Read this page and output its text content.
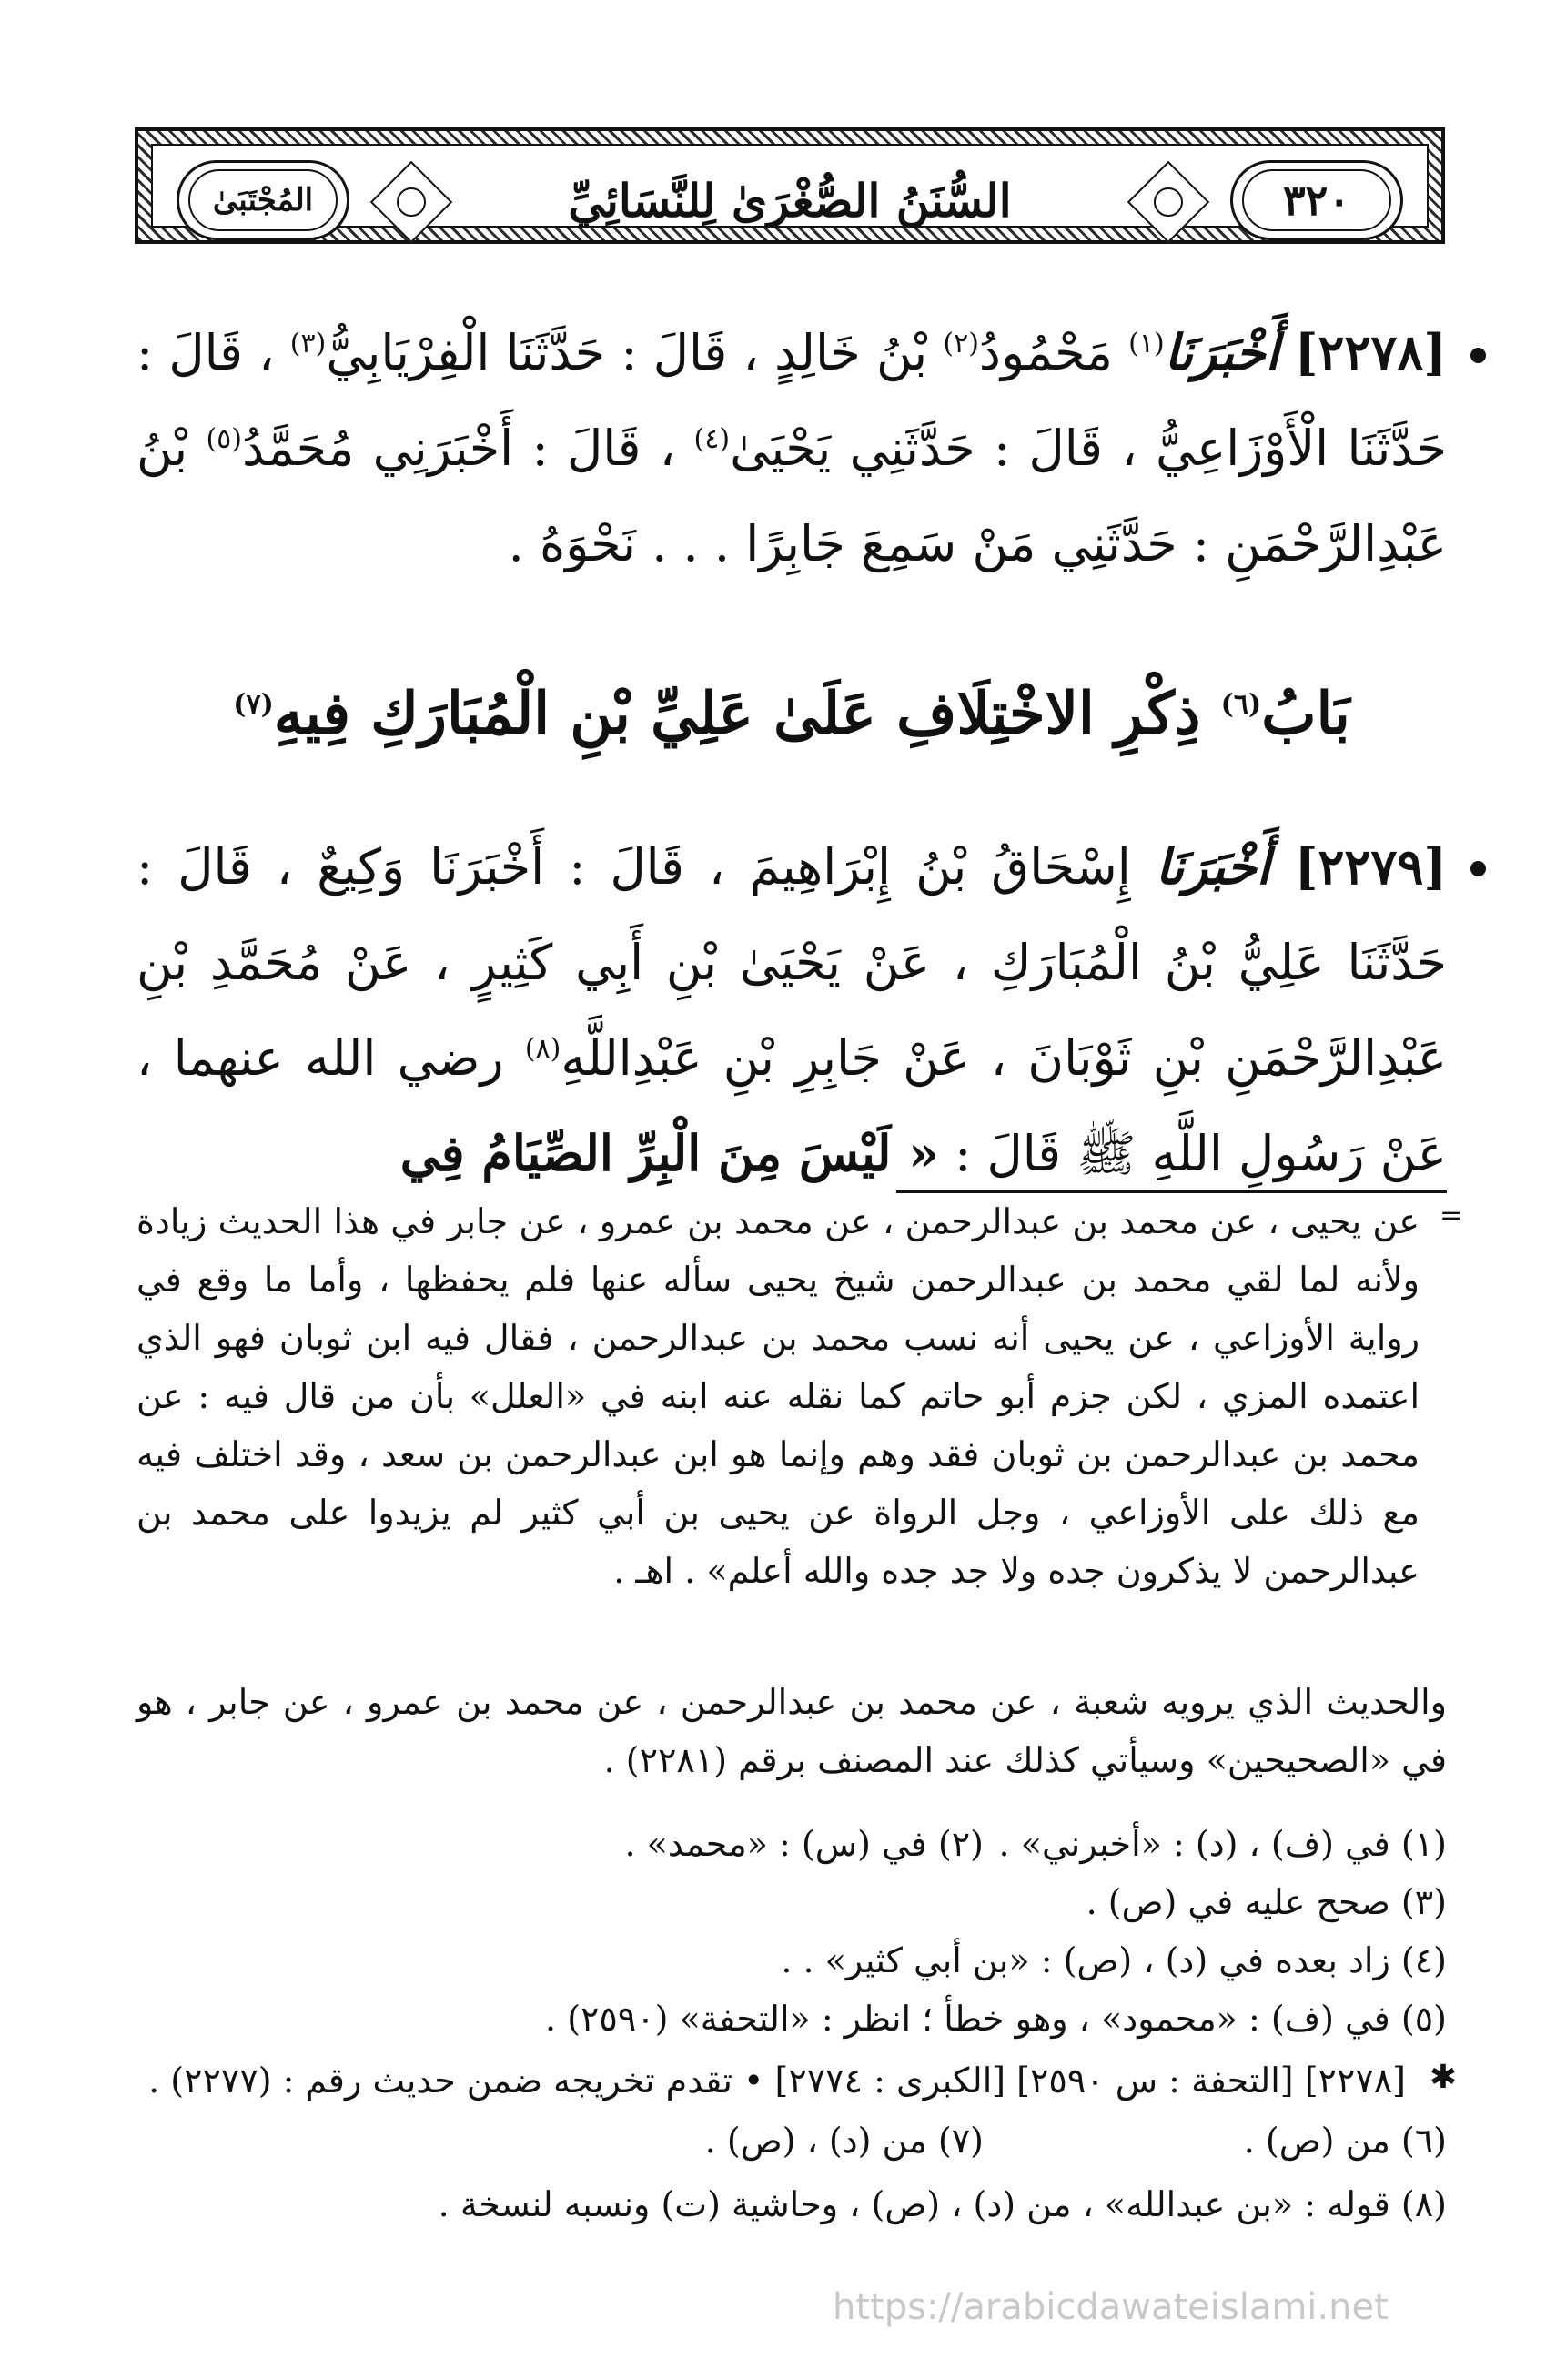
المُجْتَبَىٰ	السُّنَنُ الصُّغْرَىٰ لِلنَّسَائِيِّ	٣٢٠
[٢٢٧٨] أَخْبَرَنَا$^{(١)}$ مَحْمُودُ$^{(٢)}$ بْنُ خَالِدٍ ، قَالَ : حَدَّثَنَا الْفِرْيَابِيُّ$^{(٣)}$ ، قَالَ : حَدَّثَنَا الْأَوْزَاعِيُّ ، قَالَ : حَدَّثَنِي يَحْيَىٰ$^{(٤)}$ ، قَالَ : أَخْبَرَنِي مُحَمَّدُ$^{(٥)}$ بْنُ عَبْدِالرَّحْمَنِ : حَدَّثَنِي مَنْ سَمِعَ جَابِرًا . . . نَحْوَهُ .
بَابُ$^{(٦)}$ ذِكْرِ الاخْتِلَافِ عَلَىٰ عَلِيِّ بْنِ الْمُبَارَكِ فِيهِ$^{(٧)}$
[٢٢٧٩] أَخْبَرَنَا إِسْحَاقُ بْنُ إِبْرَاهِيمَ ، قَالَ : أَخْبَرَنَا وَكِيعٌ ، قَالَ : حَدَّثَنَا عَلِيُّ بْنُ الْمُبَارَكِ ، عَنْ يَحْيَىٰ بْنِ أَبِي كَثِيرٍ ، عَنْ مُحَمَّدِ بْنِ عَبْدِالرَّحْمَنِ بْنِ ثَوْبَانَ ، عَنْ جَابِرِ بْنِ عَبْدِاللَّهِ$^{(٨)}$ رضي الله عنهما ، عَنْ رَسُولِ اللَّهِ ﷺ قَالَ : « لَيْسَ مِنَ الْبِرِّ الصِّيَامُ فِي
=
عن يحيى ، عن محمد بن عبدالرحمن ، عن محمد بن عمرو ، عن جابر في هذا الحديث زيادة ولأنه لما لقي محمد بن عبدالرحمن شيخ يحيى سأله عنها فلم يحفظها ، وأما ما وقع في رواية الأوزاعي ، عن يحيى أنه نسب محمد بن عبدالرحمن ، فقال فيه ابن ثوبان فهو الذي اعتمده المزي ، لكن جزم أبو حاتم كما نقله عنه ابنه في «العلل» بأن من قال فيه : عن محمد بن عبدالرحمن بن ثوبان فقد وهم وإنما هو ابن عبدالرحمن بن سعد ، وقد اختلف فيه مع ذلك على الأوزاعي ، وجل الرواة عن يحيى بن أبي كثير لم يزيدوا على محمد بن عبدالرحمن لا يذكرون جده ولا جد جده والله أعلم» . اهـ .
والحديث الذي يرويه شعبة ، عن محمد بن عبدالرحمن ، عن محمد بن عمرو ، عن جابر ، هو في «الصحيحين» وسيأتي كذلك عند المصنف برقم (٢٢٨١) .
(١) في (ف) ، (د) : «أخبرني» .
(٢) في (س) : «محمد» .
(٣) صحح عليه في (ص) .
(٤) زاد بعده في (د) ، (ص) : «بن أبي كثير» . .
(٥) في (ف) : «محمود» ، وهو خطأ ؛ انظر : «التحفة» (٢٥٩٠) .
✱
[٢٢٧٨] [التحفة : س ٢٥٩٠] [الكبرى : ٢٧٧٤] • تقدم تخريجه ضمن حديث رقم : (٢٢٧٧) .
(٦) من (ص) .
(٧) من (د) ، (ص) .
(٨) قوله : «بن عبدالله» ، من (د) ، (ص) ، وحاشية (ت) ونسبه لنسخة .
https://arabicdawateislami.net
